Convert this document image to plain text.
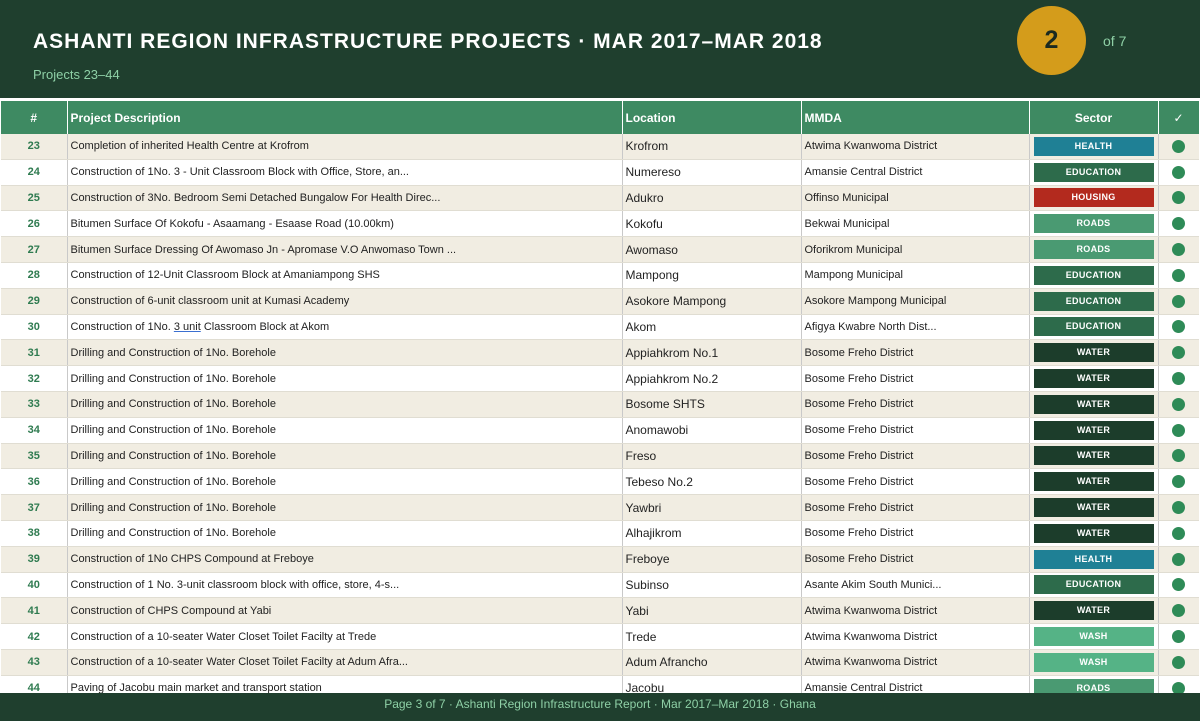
ASHANTI REGION INFRASTRUCTURE PROJECTS · MAR 2017–MAR 2018
Projects 23–44
2	of 7
#	Project Description	Location	MMDA	Sector	✓
23	Completion of inherited Health Centre at Krofrom	Krofrom	Atwima Kwanwoma District	HEALTH	

24	Construction of 1No. 3 - Unit Classroom Block with Office, Store, an...	Numereso	Amansie Central District	EDUCATION	

25	Construction of 3No. Bedroom Semi Detached Bungalow For Health Direc...	Adukro	Offinso Municipal	HOUSING	

26	Bitumen Surface Of Kokofu - Asaamang - Esaase Road (10.00km)	Kokofu	Bekwai Municipal	ROADS	

27	Bitumen Surface Dressing Of Awomaso Jn - Apromase V.O Anwomaso Town ...	Awomaso	Oforikrom Municipal	ROADS	

28	Construction of 12-Unit Classroom Block at Amaniampong SHS	Mampong	Mampong Municipal	EDUCATION	

29	Construction of 6-unit classroom unit at Kumasi Academy	Asokore Mampong	Asokore Mampong Municipal	EDUCATION	

30	Construction of 1No. 3 unit Classroom Block at Akom	Akom	Afigya Kwabre North Dist...	EDUCATION	

31	Drilling and Construction of 1No. Borehole	Appiahkrom No.1	Bosome Freho District	WATER	

32	Drilling and Construction of 1No. Borehole	Appiahkrom No.2	Bosome Freho District	WATER	

33	Drilling and Construction of 1No. Borehole	Bosome SHTS	Bosome Freho District	WATER	

34	Drilling and Construction of 1No. Borehole	Anomawobi	Bosome Freho District	WATER	

35	Drilling and Construction of 1No. Borehole	Freso	Bosome Freho District	WATER	

36	Drilling and Construction of 1No. Borehole	Tebeso No.2	Bosome Freho District	WATER	

37	Drilling and Construction of 1No. Borehole	Yawbri	Bosome Freho District	WATER	

38	Drilling and Construction of 1No. Borehole	Alhajikrom	Bosome Freho District	WATER	

39	Construction of 1No CHPS Compound at Freboye	Freboye	Bosome Freho District	HEALTH	

40	Construction of 1 No. 3-unit classroom block with office, store, 4-s...	Subinso	Asante Akim South Munici...	EDUCATION	

41	Construction of CHPS Compound at Yabi	Yabi	Atwima Kwanwoma District	WATER	

42	Construction of a 10-seater Water Closet Toilet Facilty at Trede	Trede	Atwima Kwanwoma District	WASH	

43	Construction of a 10-seater Water Closet Toilet Facilty at Adum Afra...	Adum Afrancho	Atwima Kwanwoma District	WASH	

44	Paving of Jacobu main market and transport station	Jacobu	Amansie Central District	ROADS	

Page 3 of 7 · Ashanti Region Infrastructure Report · Mar 2017–Mar 2018 · Ghana
